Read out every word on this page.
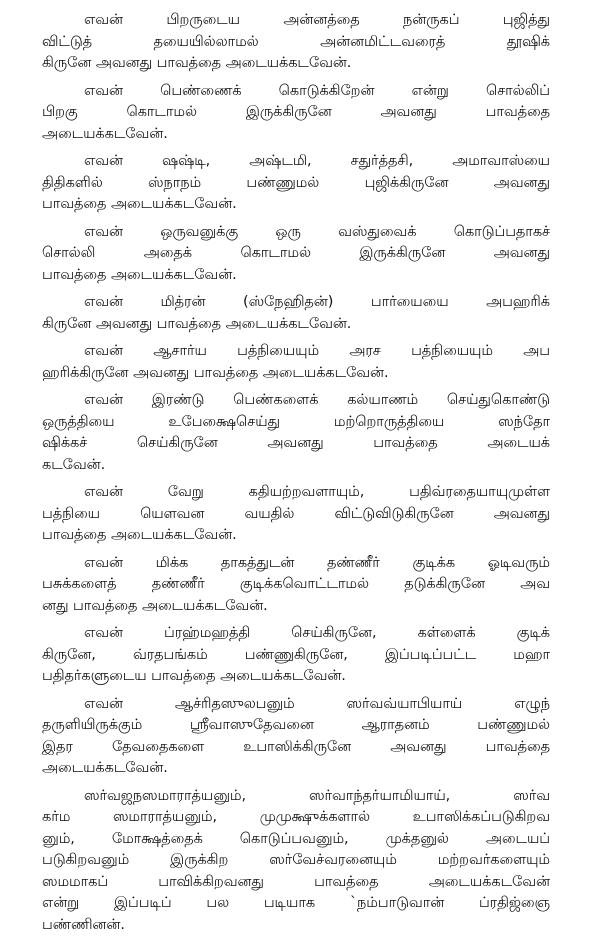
எவன் பிறருடைய அன்னத்தை நன்ருகப் புஜித்து
விட்டுத் தயையில்லாமல் அன்னமிட்டவரைத் தூஷிக்
கிருனே அவனது பாவத்தை அடையக்கடவேன்.
எவன் பெண்ணைக் கொடுக்கிறேன் என்று சொல்லிப்
பிறகு கொடாமல் இருக்கிருனே அவனது பாவத்தை
அடையக்கடவேன்.
எவன் ஷஷ்டி, அஷ்டமி, சதுர்த்தசி, அமாவாஸ்யை
திதிகளில் ஸ்நாநம் பண்ணுமல் புஜிக்கிருனே அவனது
பாவத்தை அடையக்கடவேன்.
எவன் ஒருவனுக்கு ஒரு வஸ்துவைக் கொடுப்பதாகச்
சொல்லி அதைக் கொடாமல் இருக்கிருனே அவனது
பாவத்தை அடையக்கடவேன்.
எவன் மித்ரன் (ஸ்நேஹிதன்) பார்யையை அபஹரிக்
கிருனே அவனது பாவத்தை அடையக்கடவேன்.
எவன் ஆசார்ய பத்நியையும் அரச பத்நியையும் அப
ஹரிக்கிருனே அவனது பாவத்தை அடையக்கடவேன்.
எவன் இரண்டு பெண்களைக் கல்யாணம் செய்துகொண்டு
ஒருத்தியை உபேக்ஷைசெய்து மற்றொருத்தியை ஸந்தோ
ஷிக்கச் செய்கிருனே அவனது பாவத்தை அடையக்
கடவேன்.
எவன் வேறு கதியற்றவளாயும், பதிவ்ரதையாயுமுள்ள
பத்நியை யௌவன வயதில் விட்டுவிடுகிருனே அவனது
பாவத்தை அடையக்கடவேன்.
எவன் மிக்க தாகத்துடன் தண்ணீர் குடிக்க ஓடிவரும்
பசுக்களைத் தண்ணீர் குடிக்கவொட்டாமல் தடுக்கிருனே அவ
னது பாவத்தை அடையக்கடவேன்.
எவன் ப்ரஹ்மஹத்தி செய்கிருனே, கள்ளைக் குடிக்
கிருனே, வ்ரதபங்கம் பண்ணுகிருனே, இப்படிப்பட்ட மஹா
பதிதர்களுடைய பாவத்தை அடையக்கடவேன்.
எவன் ஆச்ரிதஸுலபனும் ஸர்வவ்யாபியாய் எழுந்
தருளியிருக்கும் ஸ்ரீவாஸுதேவனை ஆராதனம் பண்ணுமல்
இதர தேவதைகளை உபாஸிக்கிருனே அவனது பாவத்தை
அடையக்கடவேன்.
ஸர்வஜநஸமாராத்யனும், ஸர்வாந்தர்யாமியாய், ஸர்வ
கர்ம ஸமாராத்யனும், முமுக்ஷுக்களால் உபாஸிக்கப்படுகிறவ
னும், மோக்ஷத்தைக் கொடுப்பவனும், முக்தனுல் அடையப்
படுகிறவனும் இருக்கிற ஸர்வேச்வரனையும் மற்றவர்களையும்
ஸமமாகப் பாவிக்கிறவனது பாவத்தை அடையக்கடவேன்
என்று இப்படிப் பல படியாக `நம்பாடுவான் ப்ரதிஜ்ஞை
பண்ணினன்.
